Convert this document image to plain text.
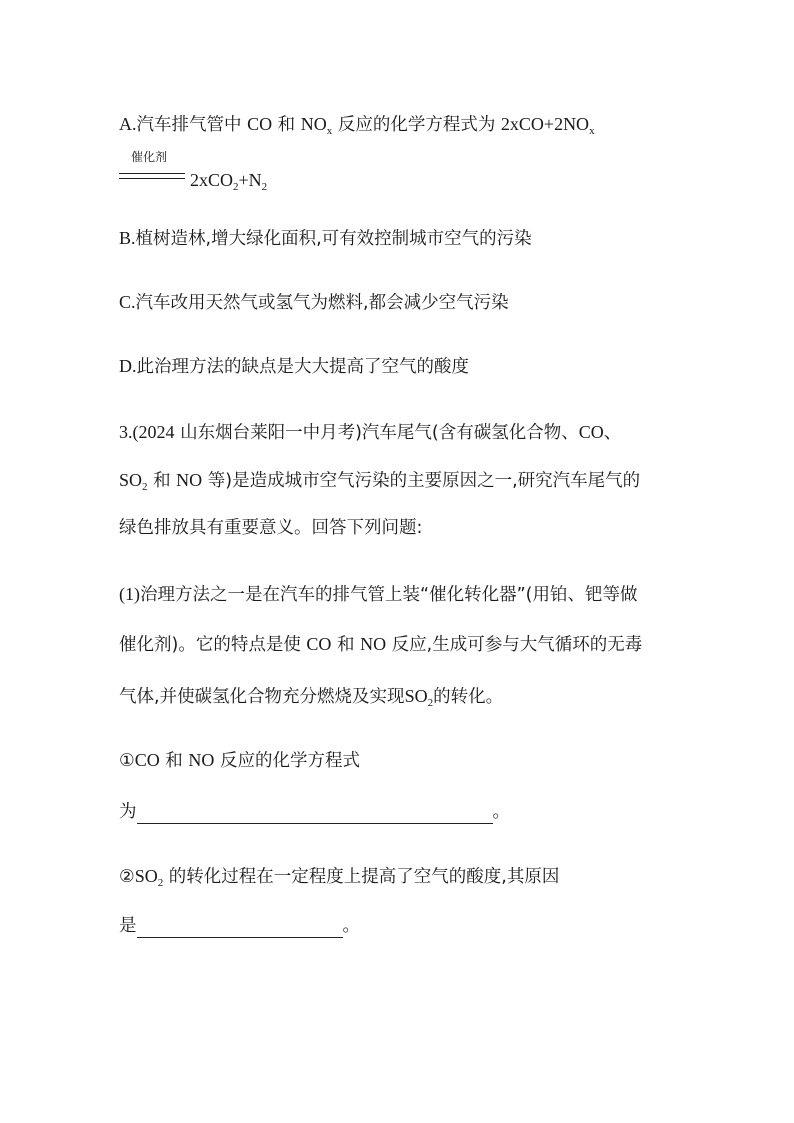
A.汽车排气管中 CO 和 $NO_x$ 反应的化学方程式为 $2xCO+2NO_x$
催化剂
$2xCO_2+N_2$
B.植树造林,增大绿化面积,可有效控制城市空气的污染
C.汽车改用天然气或氢气为燃料,都会减少空气污染
D.此治理方法的缺点是大大提高了空气的酸度
3.(2024 山东烟台莱阳一中月考)汽车尾气(含有碳氢化合物、CO、
$SO_2$ 和 NO 等)是造成城市空气污染的主要原因之一,研究汽车尾气的
绿色排放具有重要意义。回答下列问题:
(1)治理方法之一是在汽车的排气管上装“催化转化器”(用铂、钯等做
催化剂)。它的特点是使 CO 和 NO 反应,生成可参与大气循环的无毒
气体,并使碳氢化合物充分燃烧及实现$SO_2$的转化。
①CO 和 NO 反应的化学方程式
为	。
$②SO_2$ 的转化过程在一定程度上提高了空气的酸度,其原因
是	。
